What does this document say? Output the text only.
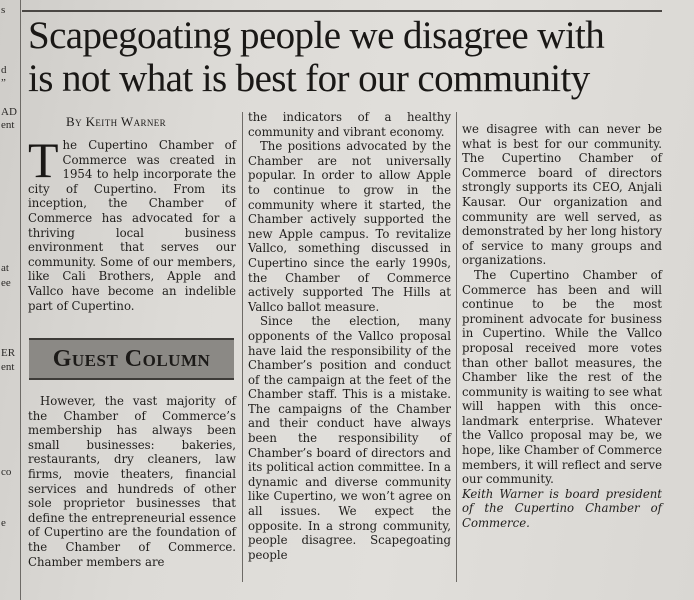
s
d
”
AD
ent
at
ee
ER
ent
co
e
Scapegoating people we disagree with
is not what is best for our community
By Keith Warner

The Cupertino Chamber of Commerce was created in 1954 to help incorporate the city of Cupertino. From its inception, the Chamber of Commerce has advocated for a thriving local business environment that serves our community. Some of our members, like Cali Brothers, Apple and Vallco have become an indelible part of Cupertino.

Guest Column

However, the vast majority of the Chamber of Commerce’s membership has always been small businesses: bakeries, restaurants, dry cleaners, law firms, movie theaters, financial services and hundreds of other sole proprietor businesses that define the entrepreneurial essence of Cupertino are the foundation of the Chamber of Commerce. Chamber members are

the indicators of a healthy community and vibrant economy.

The positions advocated by the Chamber are not universally popular. In order to allow Apple to continue to grow in the community where it started, the Chamber actively supported the new Apple campus. To revitalize Vallco, something discussed in Cupertino since the early 1990s, the Chamber of Commerce actively supported The Hills at Vallco ballot measure.

Since the election, many opponents of the Vallco proposal have laid the responsibility of the Chamber’s position and conduct of the campaign at the feet of the Chamber staff. This is a mistake. The campaigns of the Chamber and their conduct have always been the responsibility of Chamber’s board of directors and its political action committee. In a dynamic and diverse community like Cupertino, we won’t agree on all issues. We expect the opposite. In a strong community, people disagree. Scapegoating people

we disagree with can never be what is best for our community. The Cupertino Chamber of Commerce board of directors strongly supports its CEO, Anjali Kausar. Our organization and community are well served, as demonstrated by her long history of service to many groups and organizations.

The Cupertino Chamber of Commerce has been and will continue to be the most prominent advocate for business in Cupertino. While the Vallco proposal received more votes than other ballot measures, the Chamber like the rest of the community is waiting to see what will happen with this once-landmark enterprise. Whatever the Vallco proposal may be, we hope, like Chamber of Commerce members, it will reflect and serve our community.

Keith Warner is board president of the Cupertino Chamber of Commerce.
